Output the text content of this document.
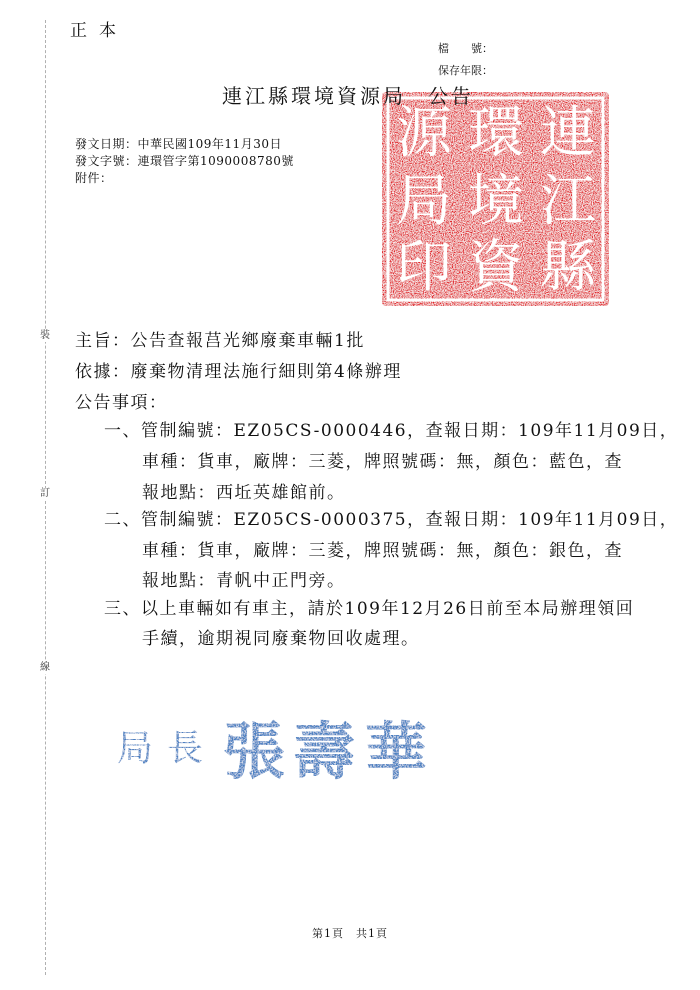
裝
訂
線
正本
檔　　號：
保存年限：
連
江
縣
環
境
資
源
局
印
連江縣環境資源局 公告
發文日期：中華民國109年11月30日
發文字號：連環管字第1090008780號
附件：
主旨：公告查報莒光鄉廢棄車輛1批
依據：廢棄物清理法施行細則第4條辦理
公告事項：
一、管制編號：EZ05CS-0000446，查報日期：109年11月09日，
車種：貨車，廠牌：三菱，牌照號碼：無，顏色：藍色，查
報地點：西坵英雄館前。
二、管制編號：EZ05CS-0000375，查報日期：109年11月09日，
車種：貨車，廠牌：三菱，牌照號碼：無，顏色：銀色，查
報地點：青帆中正門旁。
三、以上車輛如有車主，請於109年12月26日前至本局辦理領回
手續，逾期視同廢棄物回收處理。
局 長 張 壽 華
第1頁　共1頁
